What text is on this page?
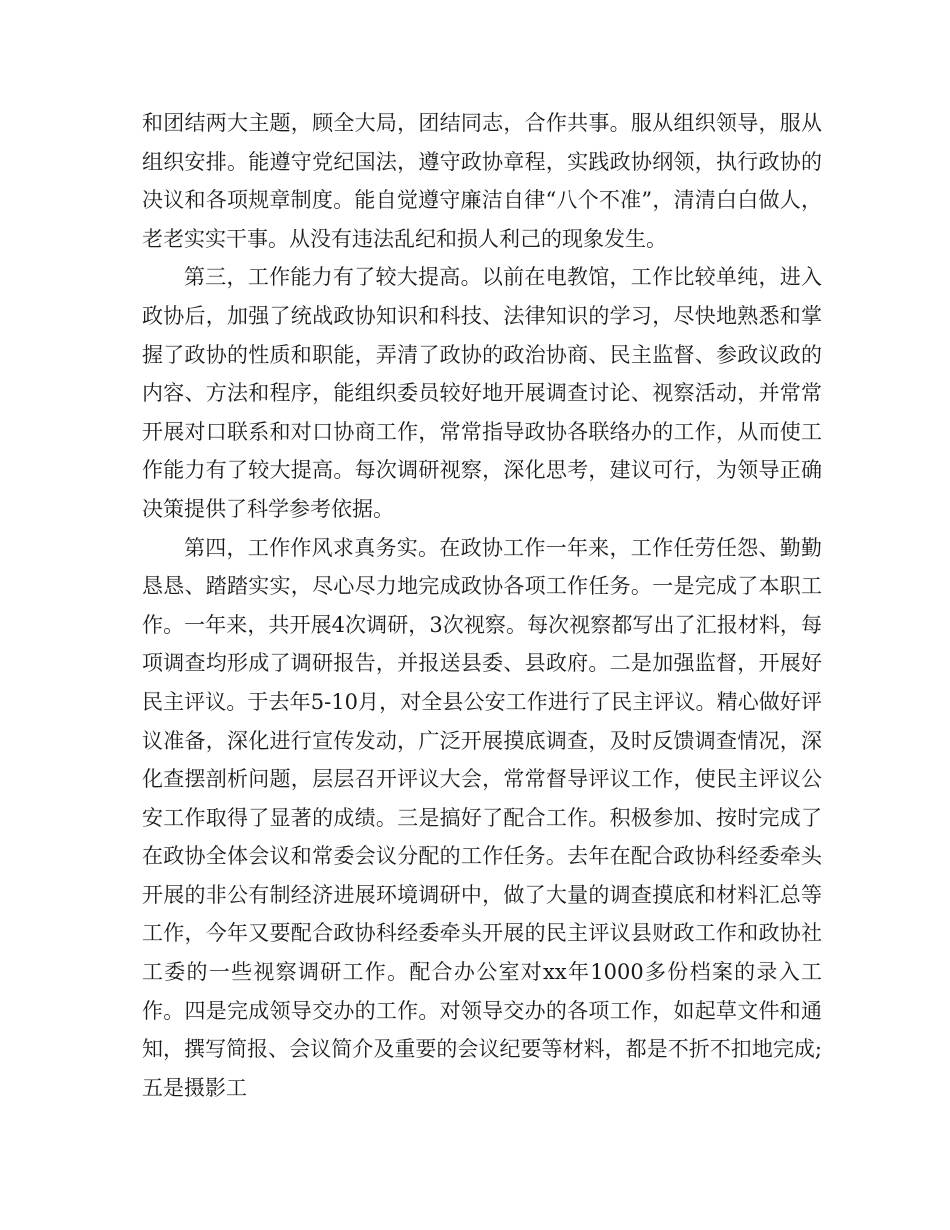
和团结两大主题，顾全大局，团结同志，合作共事。服从组织领导，服从组织安排。能遵守党纪国法，遵守政协章程，实践政协纲领，执行政协的决议和各项规章制度。能自觉遵守廉洁自律“八个不准”，清清白白做人，老老实实干事。从没有违法乱纪和损人利己的现象发生。

第三，工作能力有了较大提高。以前在电教馆，工作比较单纯，进入政协后，加强了统战政协知识和科技、法律知识的学习，尽快地熟悉和掌握了政协的性质和职能，弄清了政协的政治协商、民主监督、参政议政的内容、方法和程序，能组织委员较好地开展调查讨论、视察活动，并常常开展对口联系和对口协商工作，常常指导政协各联络办的工作，从而使工作能力有了较大提高。每次调研视察，深化思考，建议可行，为领导正确决策提供了科学参考依据。

第四，工作作风求真务实。在政协工作一年来，工作任劳任怨、勤勤恳恳、踏踏实实，尽心尽力地完成政协各项工作任务。一是完成了本职工作。一年来，共开展4次调研，3次视察。每次视察都写出了汇报材料，每项调查均形成了调研报告，并报送县委、县政府。二是加强监督，开展好民主评议。于去年5-10月，对全县公安工作进行了民主评议。精心做好评议准备，深化进行宣传发动，广泛开展摸底调查，及时反馈调查情况，深化查摆剖析问题，层层召开评议大会，常常督导评议工作，使民主评议公安工作取得了显著的成绩。三是搞好了配合工作。积极参加、按时完成了在政协全体会议和常委会议分配的工作任务。去年在配合政协科经委牵头开展的非公有制经济进展环境调研中，做了大量的调查摸底和材料汇总等工作，今年又要配合政协科经委牵头开展的民主评议县财政工作和政协社工委的一些视察调研工作。配合办公室对xx年1000多份档案的录入工作。四是完成领导交办的工作。对领导交办的各项工作，如起草文件和通知，撰写简报、会议简介及重要的会议纪要等材料，都是不折不扣地完成;五是摄影工
